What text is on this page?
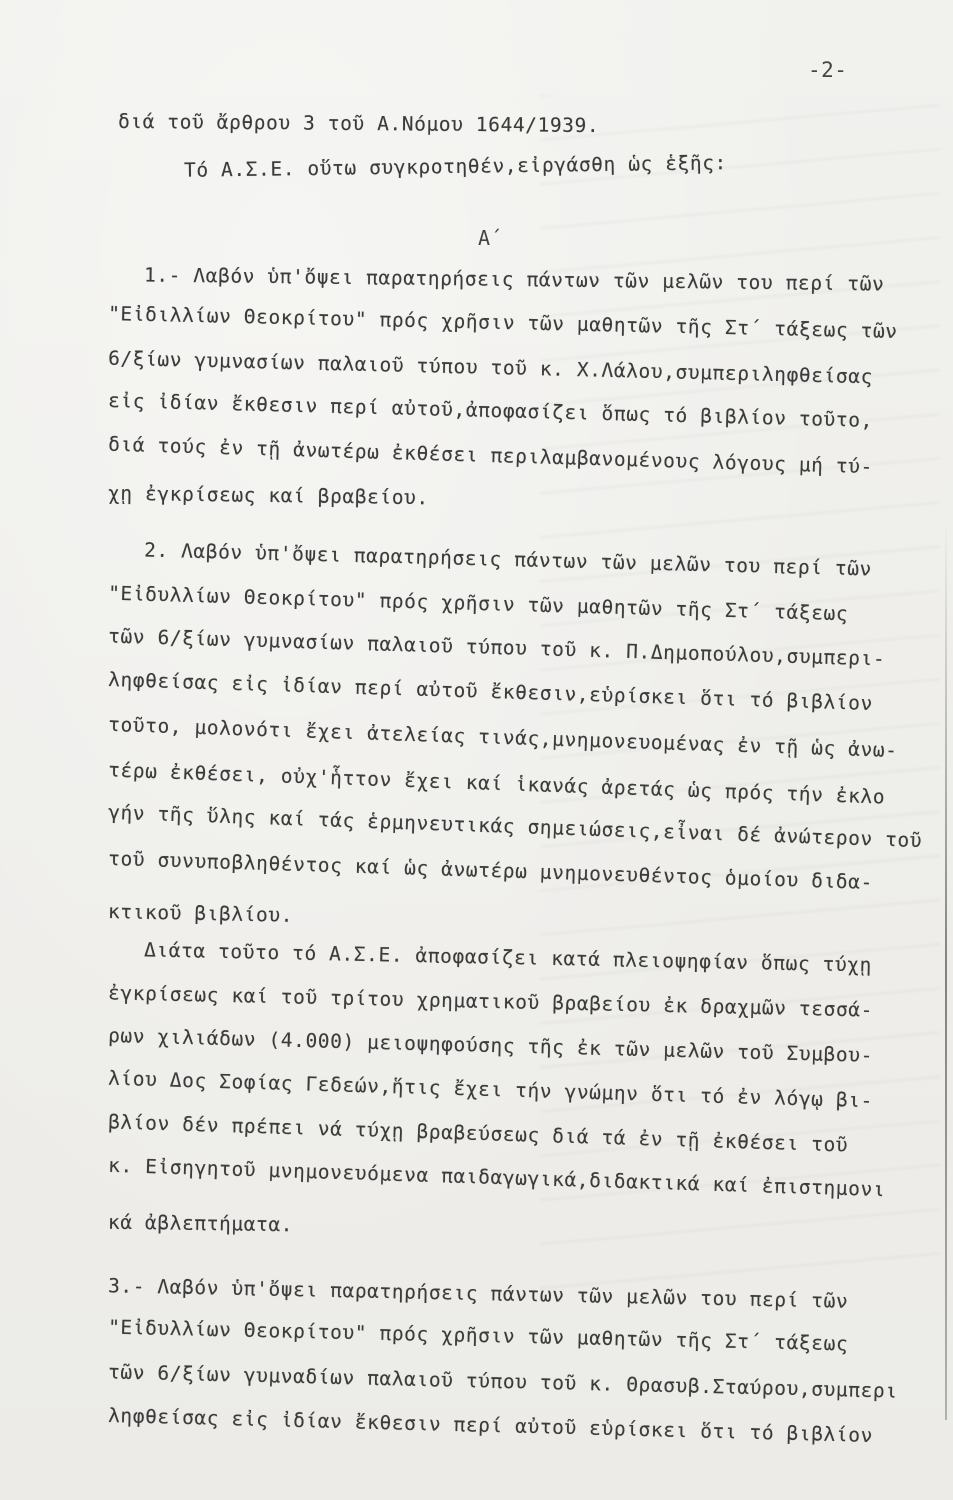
-2-
διά τοῦ ἄρθρου 3 τοῦ Α.Νόμου 1644/1939.
Τό Α.Σ.Ε. οὕτω συγκροτηθέν,εἰργάσθη ὡς ἑξῆς:
Α΄
1.- Λαβόν ὑπ'ὄψει παρατηρήσεις πάντων τῶν μελῶν του περί τῶν
"Εἰδιλλίων Θεοκρίτου" πρός χρῆσιν τῶν μαθητῶν τῆς Στ΄ τάξεως τῶν
6/ξίων γυμνασίων παλαιοῦ τύπου τοῦ κ. Χ.Λάλου,συμπεριληφθείσας
εἰς ἰδίαν ἔκθεσιν περί αὐτοῦ,ἀποφασίζει ὅπως τό βιβλίον τοῦτο,
διά τούς ἐν τῇ ἀνωτέρω ἐκθέσει περιλαμβανομένους λόγους μή τύ-
χῃ ἐγκρίσεως καί βραβείου.
2. Λαβόν ὑπ'ὄψει παρατηρήσεις πάντων τῶν μελῶν του περί τῶν
"Εἰδυλλίων Θεοκρίτου" πρός χρῆσιν τῶν μαθητῶν τῆς Στ΄ τάξεως
τῶν 6/ξίων γυμνασίων παλαιοῦ τύπου τοῦ κ. Π.Δημοπούλου,συμπερι-
ληφθείσας εἰς ἰδίαν περί αὐτοῦ ἔκθεσιν,εὑρίσκει ὅτι τό βιβλίον
τοῦτο, μολονότι ἔχει ἀτελείας τινάς,μνημονευομένας ἐν τῇ ὡς ἀνω-
τέρω ἐκθέσει, οὐχ'ἧττον ἔχει καί ἱκανάς ἀρετάς ὡς πρός τήν ἐκλο
γήν τῆς ὕλης καί τάς ἑρμηνευτικάς σημειώσεις,εἶναι δέ ἀνώτερον τοῦ
τοῦ συνυποβληθέντος καί ὡς ἀνωτέρω μνημονευθέντος ὁμοίου διδα-
κτικοῦ βιβλίου.
Διάτα τοῦτο τό Α.Σ.Ε. ἀποφασίζει κατά πλειοψηφίαν ὅπως τύχῃ
ἐγκρίσεως καί τοῦ τρίτου χρηματικοῦ βραβείου ἐκ δραχμῶν τεσσά-
ρων χιλιάδων (4.000) μειοψηφούσης τῆς ἐκ τῶν μελῶν τοῦ Συμβου-
λίου Δος Σοφίας Γεδεών,ἥτις ἔχει τήν γνώμην ὅτι τό ἐν λόγῳ βι-
βλίον δέν πρέπει νά τύχῃ βραβεύσεως διά τά ἐν τῇ ἐκθέσει τοῦ
κ. Εἰσηγητοῦ μνημονευόμενα παιδαγωγικά,διδακτικά καί ἐπιστημονι
κά ἀβλεπτήματα.
3.- Λαβόν ὑπ'ὄψει παρατηρήσεις πάντων τῶν μελῶν του περί τῶν
"Εἰδυλλίων Θεοκρίτου" πρός χρῆσιν τῶν μαθητῶν τῆς Στ΄ τάξεως
τῶν 6/ξίων γυμναδίων παλαιοῦ τύπου τοῦ κ. Θρασυβ.Σταύρου,συμπερι
ληφθείσας εἰς ἰδίαν ἔκθεσιν περί αὐτοῦ εὑρίσκει ὅτι τό βιβλίον
